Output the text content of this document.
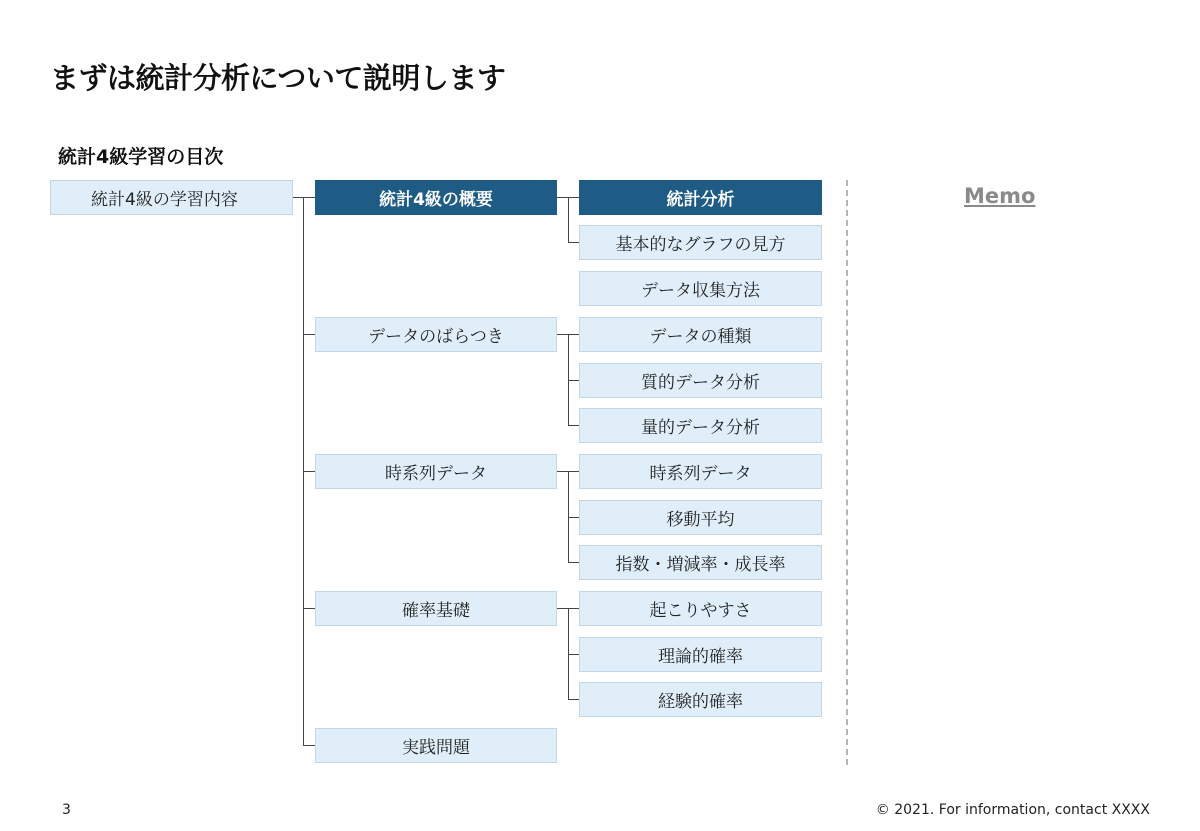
まずは統計分析について説明します
統計4級学習の目次
統計4級の学習内容	統計4級の概要
データのばらつき
時系列データ
確率基礎
実践問題
統計分析
基本的なグラフの見方
データ収集方法
データの種類
質的データ分析
量的データ分析
時系列データ
移動平均
指数・増減率・成長率
起こりやすさ
理論的確率
経験的確率
Memo
3	© 2021. For information, contact XXXX
